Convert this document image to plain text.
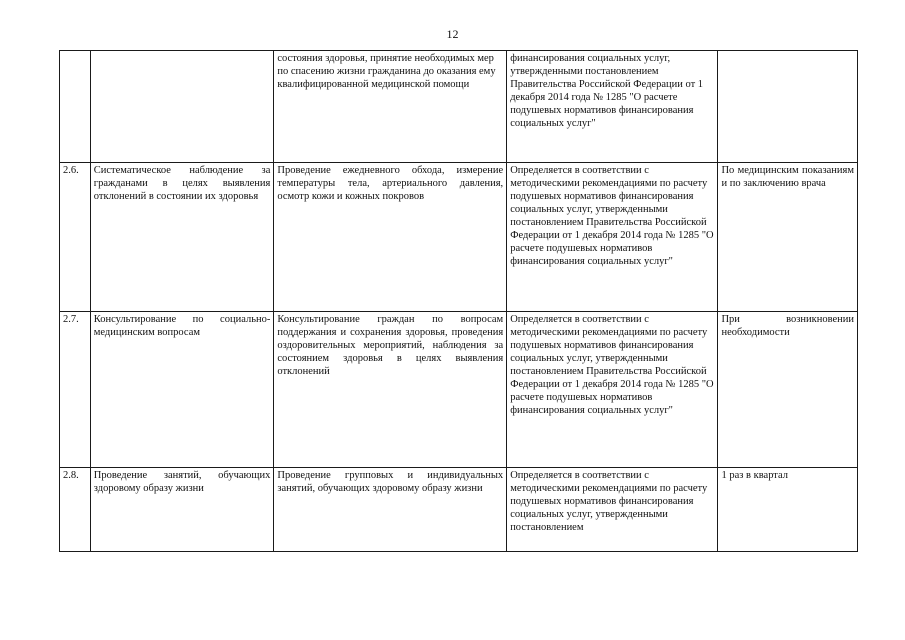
12
		состояния здоровья, принятие необходимых мер по спасению жизни гражданина до оказания ему квалифицированной медицинской помощи	финансирования социальных услуг, утвержденными постановлением Правительства Российской Федерации от 1 декабря 2014 года № 1285 "О расчете подушевых нормативов финансирования социальных услуг"	
2.6.	Систематическое наблюдение за гражданами в целях выявления отклонений в состоянии их здоровья	Проведение ежедневного обхода, измерение температуры тела, артериального давления, осмотр кожи и кожных покровов	Определяется в соответствии с методическими рекомендациями по расчету подушевых нормативов финансирования социальных услуг, утвержденными постановлением Правительства Российской Федерации от 1 декабря 2014 года № 1285 "О расчете подушевых нормативов финансирования социальных услуг"	По медицинским показаниям и по заключению врача
2.7.	Консультирование по социально-медицинским вопросам	Консультирование граждан по вопросам поддержания и сохранения здоровья, проведения оздоровительных мероприятий, наблюдения за состоянием здоровья в целях выявления отклонений	Определяется в соответствии с методическими рекомендациями по расчету подушевых нормативов финансирования социальных услуг, утвержденными постановлением Правительства Российской Федерации от 1 декабря 2014 года № 1285 "О расчете подушевых нормативов финансирования социальных услуг"	При возникновении необходимости
2.8.	Проведение занятий, обучающих здоровому образу жизни	Проведение групповых и индивидуальных занятий, обучающих здоровому образу жизни	Определяется в соответствии с методическими рекомендациями по расчету подушевых нормативов финансирования социальных услуг, утвержденными постановлением	1 раз в квартал
